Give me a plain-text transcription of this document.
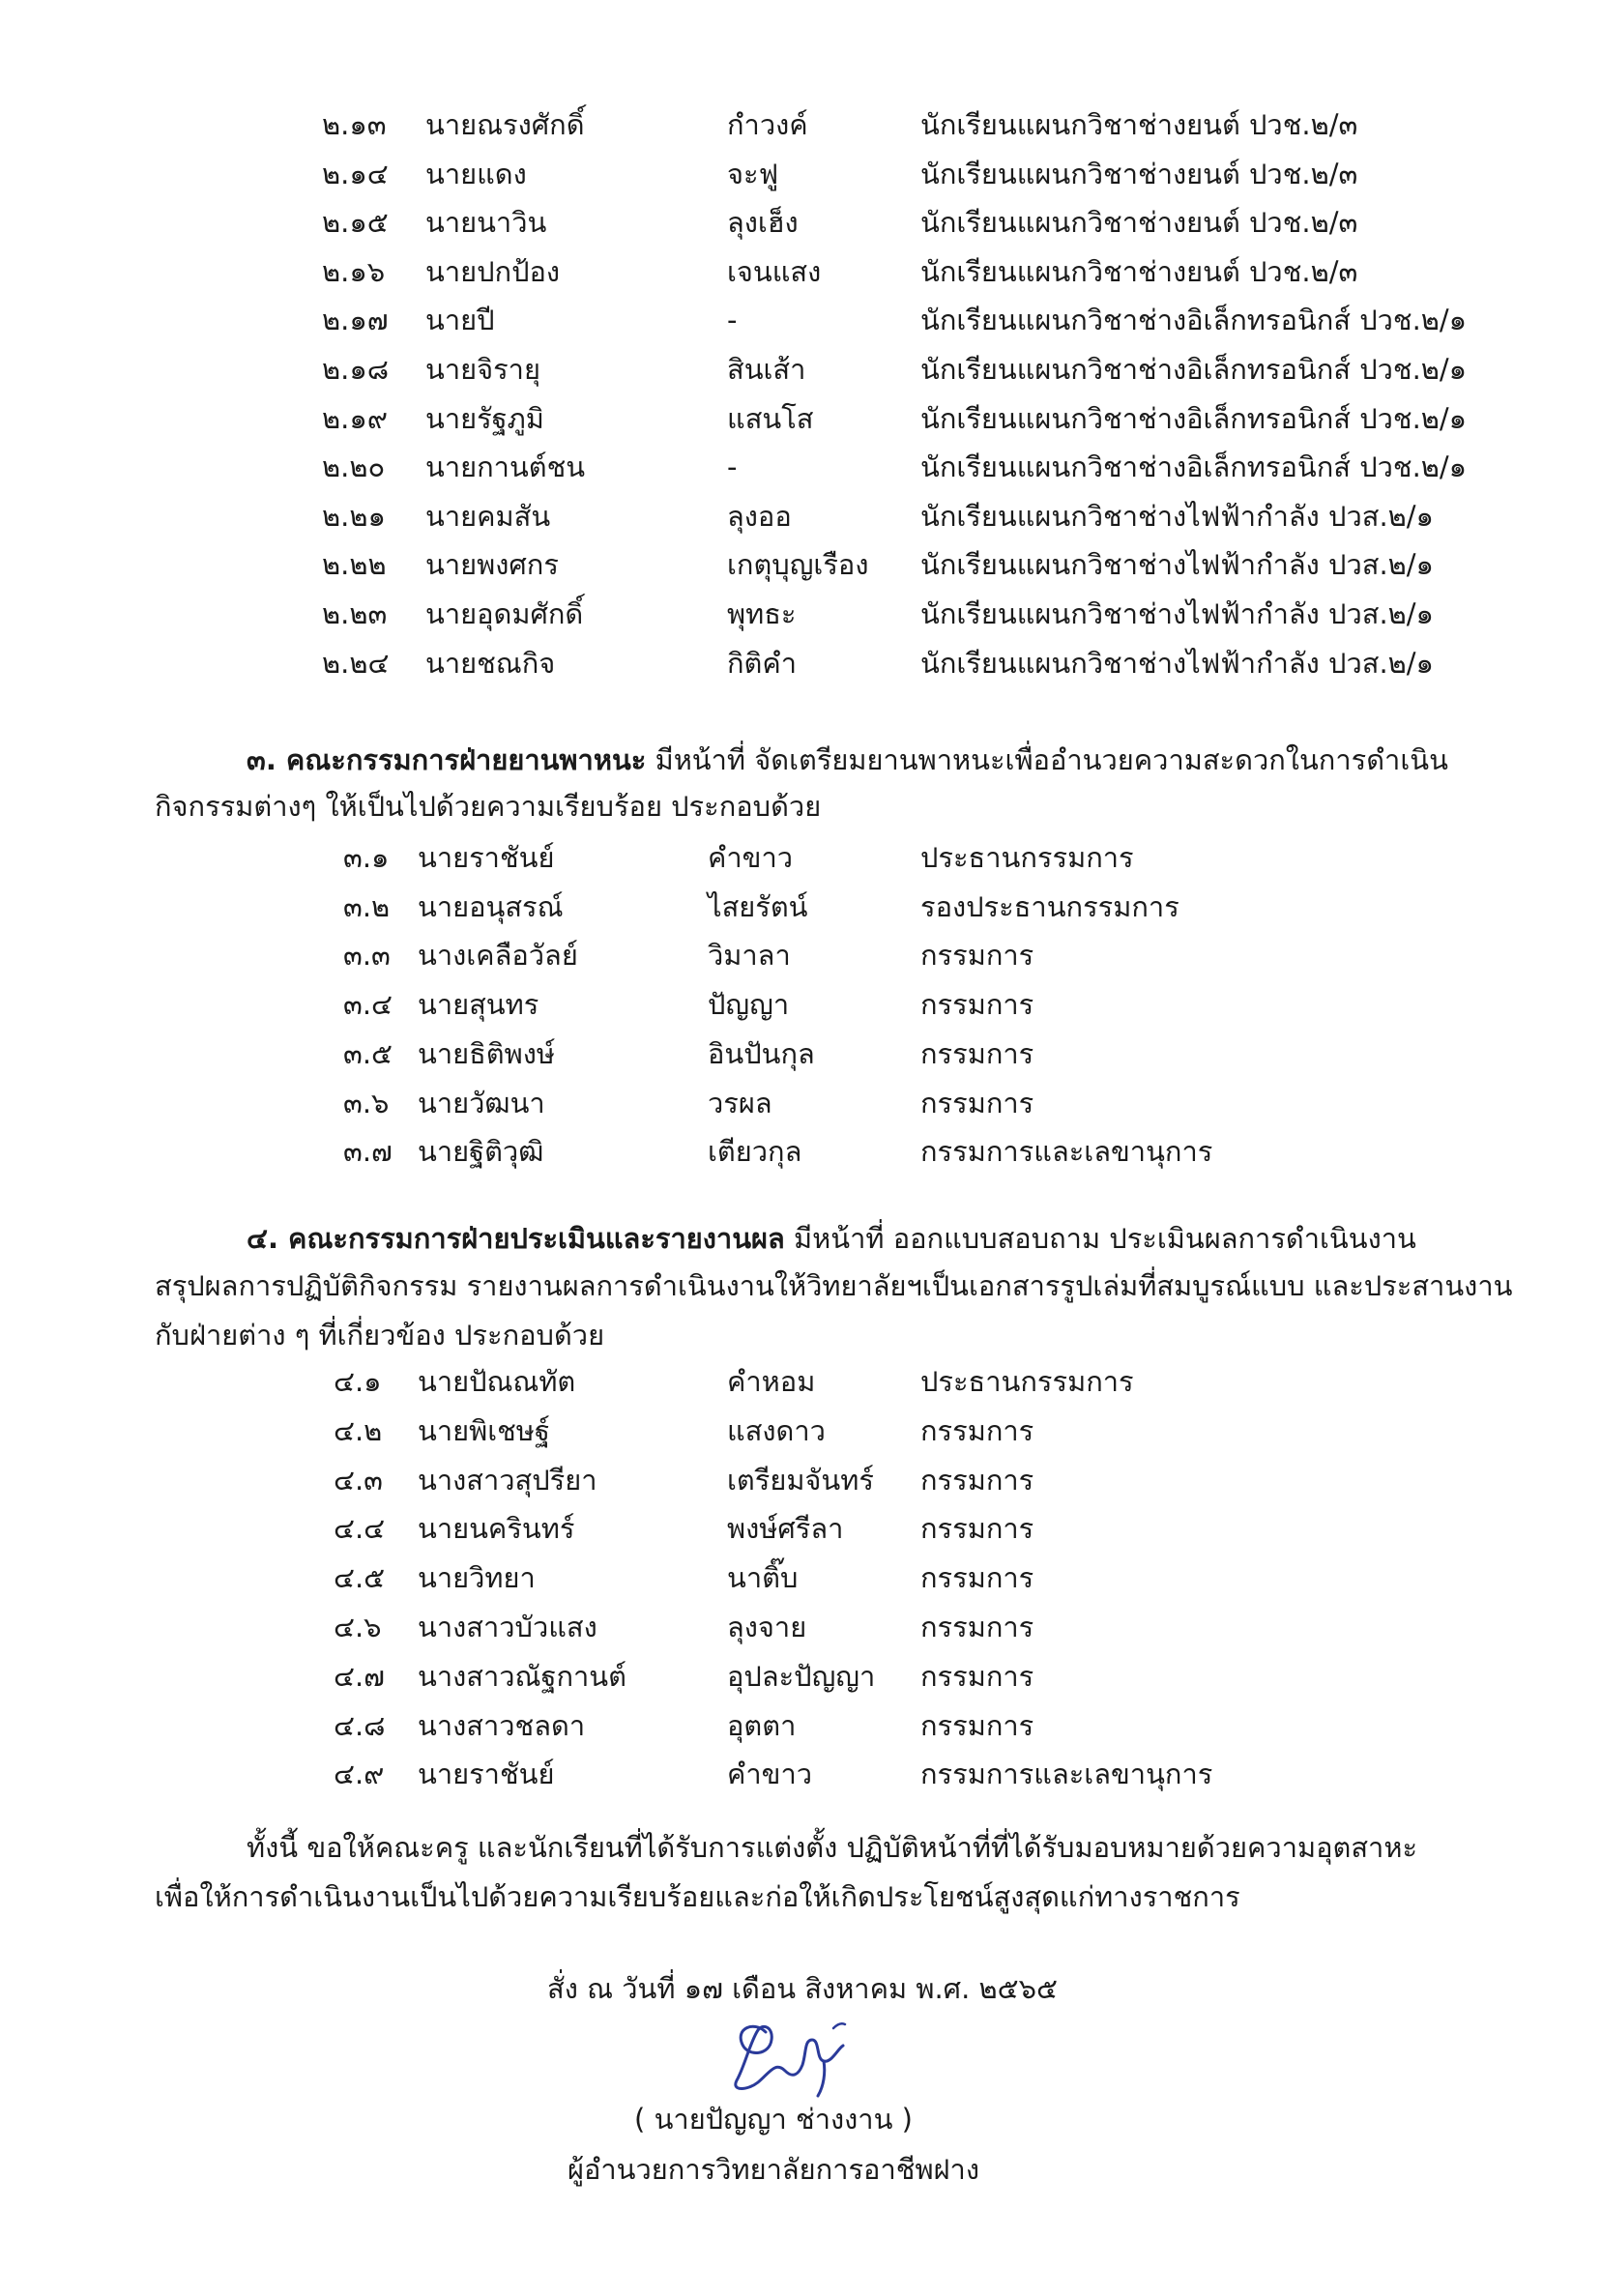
๒.๑๓ นายณรงศักดิ์	กำวงค์	นักเรียนแผนกวิชาช่างยนต์ ปวช.๒/๓
๒.๑๔ นายแดง	จะฟู	นักเรียนแผนกวิชาช่างยนต์ ปวช.๒/๓
๒.๑๕ นายนาวิน	ลุงเฮ็ง	นักเรียนแผนกวิชาช่างยนต์ ปวช.๒/๓
๒.๑๖ นายปกป้อง	เจนแสง	นักเรียนแผนกวิชาช่างยนต์ ปวช.๒/๓
๒.๑๗ นายปี	-	นักเรียนแผนกวิชาช่างอิเล็กทรอนิกส์ ปวช.๒/๑
๒.๑๘ นายจิรายุ	สินเส้า	นักเรียนแผนกวิชาช่างอิเล็กทรอนิกส์ ปวช.๒/๑
๒.๑๙ นายรัฐภูมิ	แสนโส	นักเรียนแผนกวิชาช่างอิเล็กทรอนิกส์ ปวช.๒/๑
๒.๒๐ นายกานต์ชน	-	นักเรียนแผนกวิชาช่างอิเล็กทรอนิกส์ ปวช.๒/๑
๒.๒๑ นายคมสัน	ลุงออ	นักเรียนแผนกวิชาช่างไฟฟ้ากำลัง ปวส.๒/๑
๒.๒๒ นายพงศกร	เกตุบุญเรือง นักเรียนแผนกวิชาช่างไฟฟ้ากำลัง ปวส.๒/๑
๒.๒๓ นายอุดมศักดิ์	พุทธะ	นักเรียนแผนกวิชาช่างไฟฟ้ากำลัง ปวส.๒/๑
๒.๒๔ นายชณกิจ	กิติคำ	นักเรียนแผนกวิชาช่างไฟฟ้ากำลัง ปวส.๒/๑
๓. คณะกรรมการฝ่ายยานพาหนะ มีหน้าที่ จัดเตรียมยานพาหนะเพื่ออำนวยความสะดวกในการดำเนิน
กิจกรรมต่างๆ ให้เป็นไปด้วยความเรียบร้อย ประกอบด้วย
๓.๑ นายราชันย์	คำขาว	ประธานกรรมการ
๓.๒ นายอนุสรณ์	ไสยรัตน์	รองประธานกรรมการ
๓.๓ นางเคลือวัลย์	วิมาลา	กรรมการ
๓.๔ นายสุนทร	ปัญญา	กรรมการ
๓.๕ นายธิติพงษ์	อินปันกุล	กรรมการ
๓.๖ นายวัฒนา	วรผล	กรรมการ
๓.๗ นายฐิติวุฒิ	เตียวกุล	กรรมการและเลขานุการ
๔. คณะกรรมการฝ่ายประเมินและรายงานผล มีหน้าที่ ออกแบบสอบถาม ประเมินผลการดำเนินงาน
สรุปผลการปฏิบัติกิจกรรม รายงานผลการดำเนินงานให้วิทยาลัยฯเป็นเอกสารรูปเล่มที่สมบูรณ์แบบ และประสานงาน
กับฝ่ายต่าง ๆ ที่เกี่ยวข้อง ประกอบด้วย
๔.๑ นายปัณณทัต	คำหอม	ประธานกรรมการ
๔.๒ นายพิเชษฐ์	แสงดาว	กรรมการ
๔.๓ นางสาวสุปรียา	เตรียมจันทร์ กรรมการ
๔.๔ นายนครินทร์	พงษ์ศรีลา	กรรมการ
๔.๕ นายวิทยา	นาติ๊บ	กรรมการ
๔.๖ นางสาวบัวแสง	ลุงจาย	กรรมการ
๔.๗ นางสาวณัฐกานต์	อุปละปัญญา กรรมการ
๔.๘ นางสาวชลดา	อุตตา	กรรมการ
๔.๙ นายราชันย์	คำขาว	กรรมการและเลขานุการ
ทั้งนี้ ขอให้คณะครู และนักเรียนที่ได้รับการแต่งตั้ง ปฏิบัติหน้าที่ที่ได้รับมอบหมายด้วยความอุตสาหะ
เพื่อให้การดำเนินงานเป็นไปด้วยความเรียบร้อยและก่อให้เกิดประโยชน์สูงสุดแก่ทางราชการ
สั่ง ณ วันที่ ๑๗ เดือน สิงหาคม พ.ศ. ๒๕๖๕
( นายปัญญา ช่างงาน )
ผู้อำนวยการวิทยาลัยการอาชีพฝาง
